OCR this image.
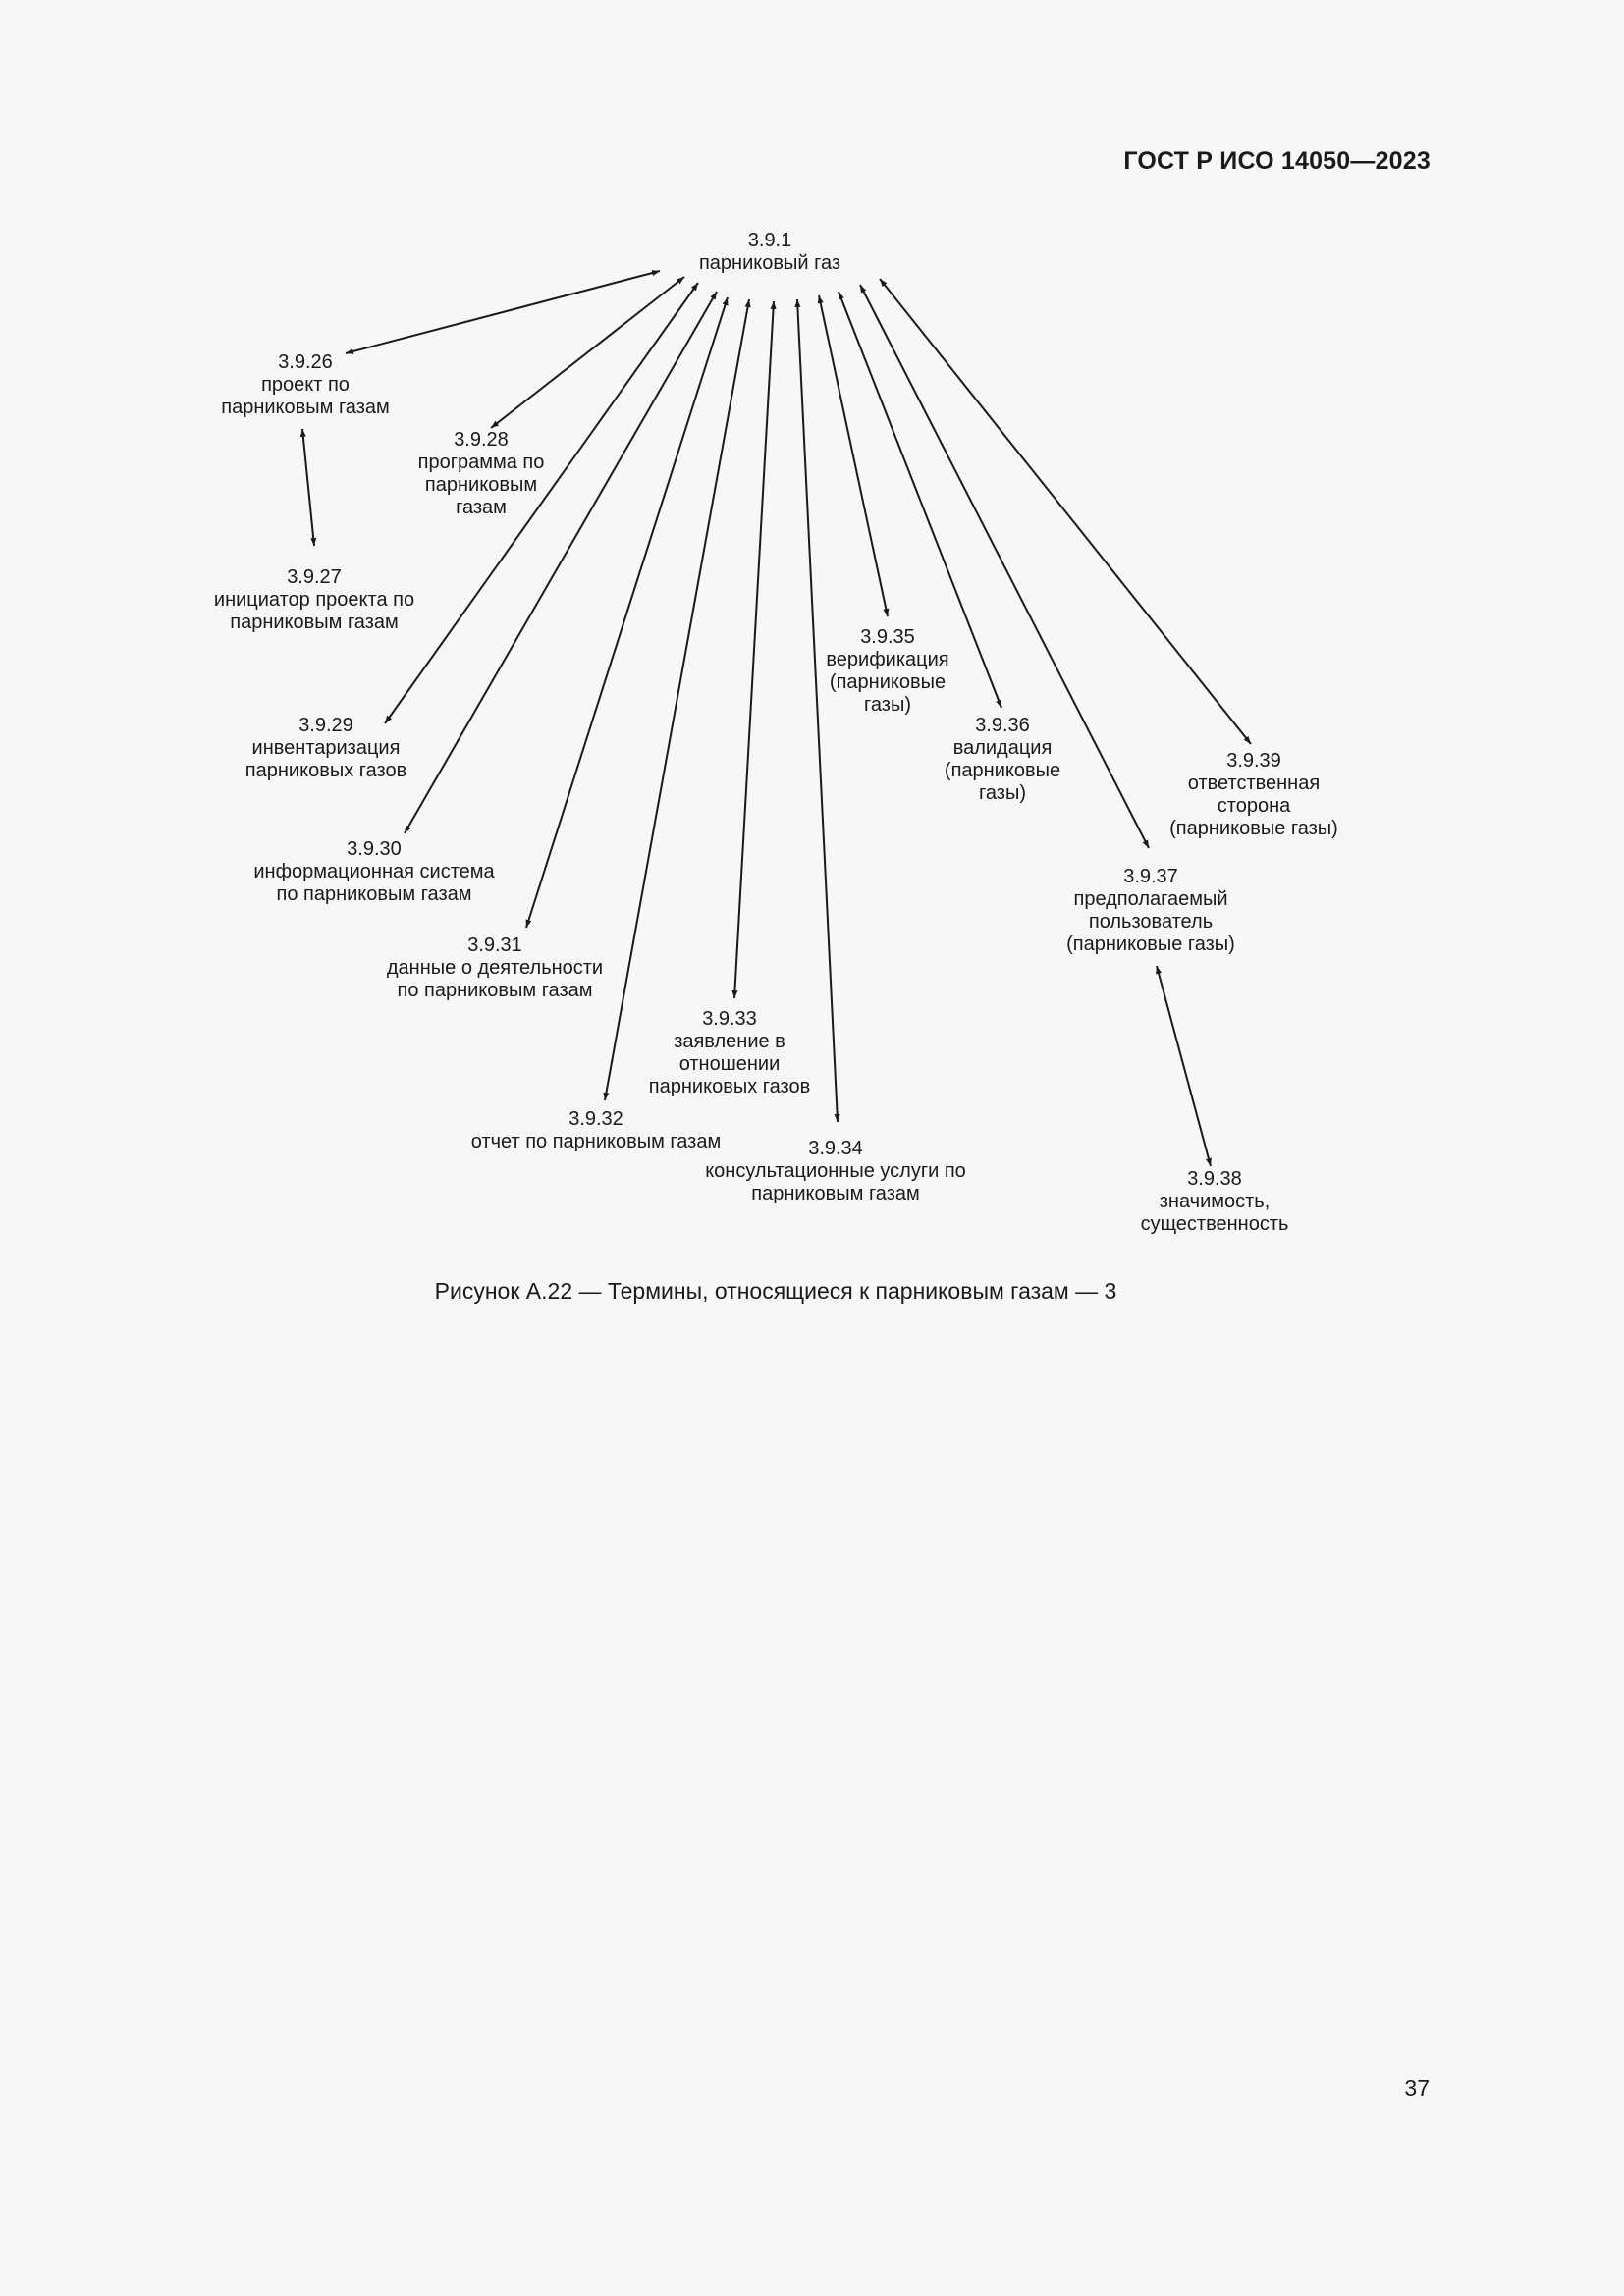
ГОСТ Р ИСО 14050—2023
3.9.1
парниковый газ
3.9.26
проект по
парниковым газам
3.9.27
инициатор проекта по
парниковым газам
3.9.28
программа по
парниковым
газам
3.9.29
инвентаризация
парниковых газов
3.9.30
информационная система
по парниковым газам
3.9.31
данные о деятельности
по парниковым газам
3.9.32
отчет по парниковым газам
3.9.33
заявление в
отношении
парниковых газов
3.9.34
консультационные услуги по
парниковым газам
3.9.35
верификация
(парниковые
газы)
3.9.36
валидация
(парниковые
газы)
3.9.37
предполагаемый
пользователь
(парниковые газы)
3.9.38
значимость,
существенность
3.9.39
ответственная
сторона
(парниковые газы)
Рисунок А.22 — Термины, относящиеся к парниковым газам — 3
37
